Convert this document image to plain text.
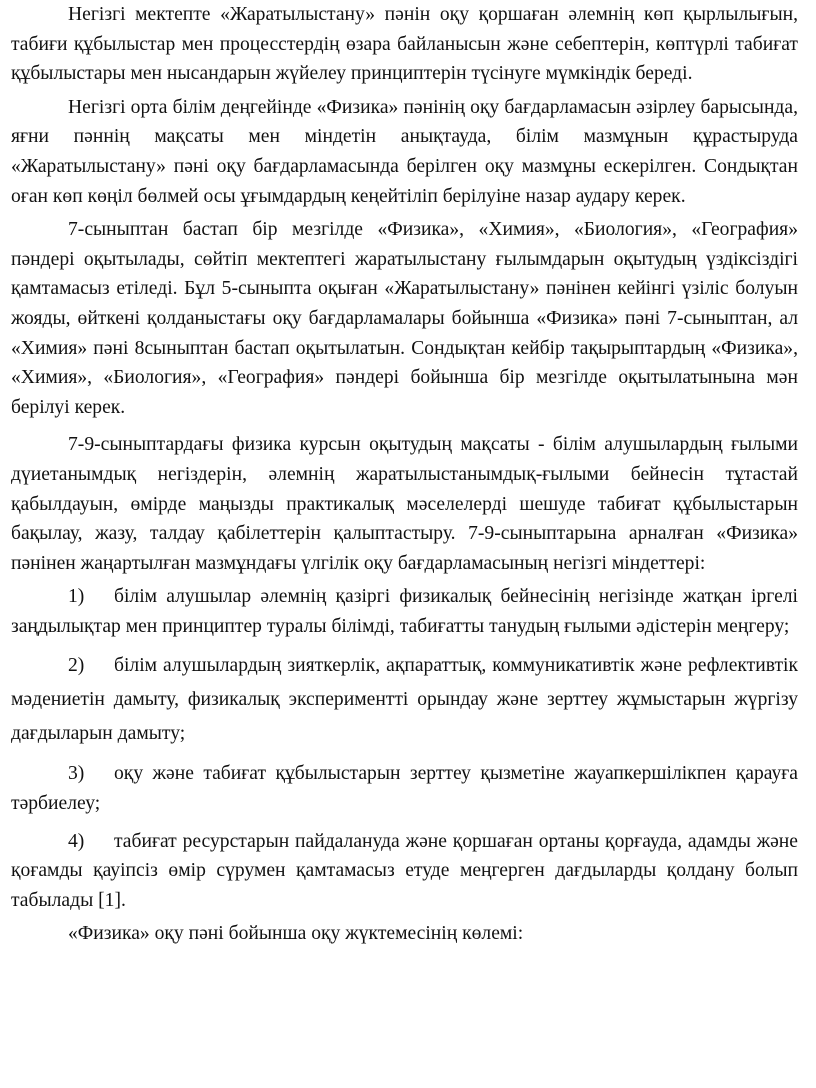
Негізгі мектепте «Жаратылыстану» пәнін оқу қоршаған әлемнің көп қырлылығын, табиғи құбылыстар мен процесстердің өзара байланысын және себептерін, көптүрлі табиғат құбылыстары мен нысандарын жүйелеу принциптерін түсінуге мүмкіндік береді.

Негізгі орта білім деңгейінде «Физика» пәнінің оқу бағдарламасын әзірлеу барысында, яғни пәннің мақсаты мен міндетін анықтауда, білім мазмұнын құрастыруда «Жаратылыстану» пәні оқу бағдарламасында берілген оқу мазмұны ескерілген. Сондықтан оған көп көңіл бөлмей осы ұғымдардың кеңейтіліп берілуіне назар аудару керек.

7-сыныптан бастап бір мезгілде «Физика», «Химия», «Биология», «География» пәндері оқытылады, сөйтіп мектептегі жаратылыстану ғылымдарын оқытудың үздіксіздігі қамтамасыз етіледі. Бұл 5-сыныпта оқыған «Жаратылыстану» пәнінен кейінгі үзіліс болуын жояды, өйткені қолданыстағы оқу бағдарламалары бойынша «Физика» пәні 7-сыныптан, ал «Химия» пәні 8сыныптан бастап оқытылатын. Сондықтан кейбір тақырыптардың «Физика», «Химия», «Биология», «География» пәндері бойынша бір мезгілде оқытылатынына мән берілуі керек.

7-9-сыныптардағы физика курсын оқытудың мақсаты - білім алушылардың ғылыми дүиетанымдық негіздерін, әлемнің жаратылыстанымдық-ғылыми бейнесін тұтастай қабылдауын, өмірде маңызды практикалық мәселелерді шешуде табиғат құбылыстарын бақылау, жазу, талдау қабілеттерін қалыптастыру. 7-9-сыныптарына арналған «Физика» пәнінен жаңартылған мазмұндағы үлгілік оқу бағдарламасының негізгі міндеттері:

1) білім алушылар әлемнің қазіргі физикалық бейнесінің негізінде жатқан іргелі заңдылықтар мен принциптер туралы білімді, табиғатты танудың ғылыми әдістерін меңгеру;

2) білім алушылардың зияткерлік, ақпараттық, коммуникативтік және рефлективтік мәдениетін дамыту, физикалық экспериментті орындау және зерттеу жұмыстарын жүргізу дағдыларын дамыту;

3) оқу және табиғат құбылыстарын зерттеу қызметіне жауапкершілікпен қарауға тәрбиелеу;

4) табиғат ресурстарын пайдалануда және қоршаған ортаны қорғауда, адамды және қоғамды қауіпсіз өмір сүрумен қамтамасыз етуде меңгерген дағдыларды қолдану болып табылады [1].

«Физика» оқу пәні бойынша оқу жүктемесінің көлемі:
